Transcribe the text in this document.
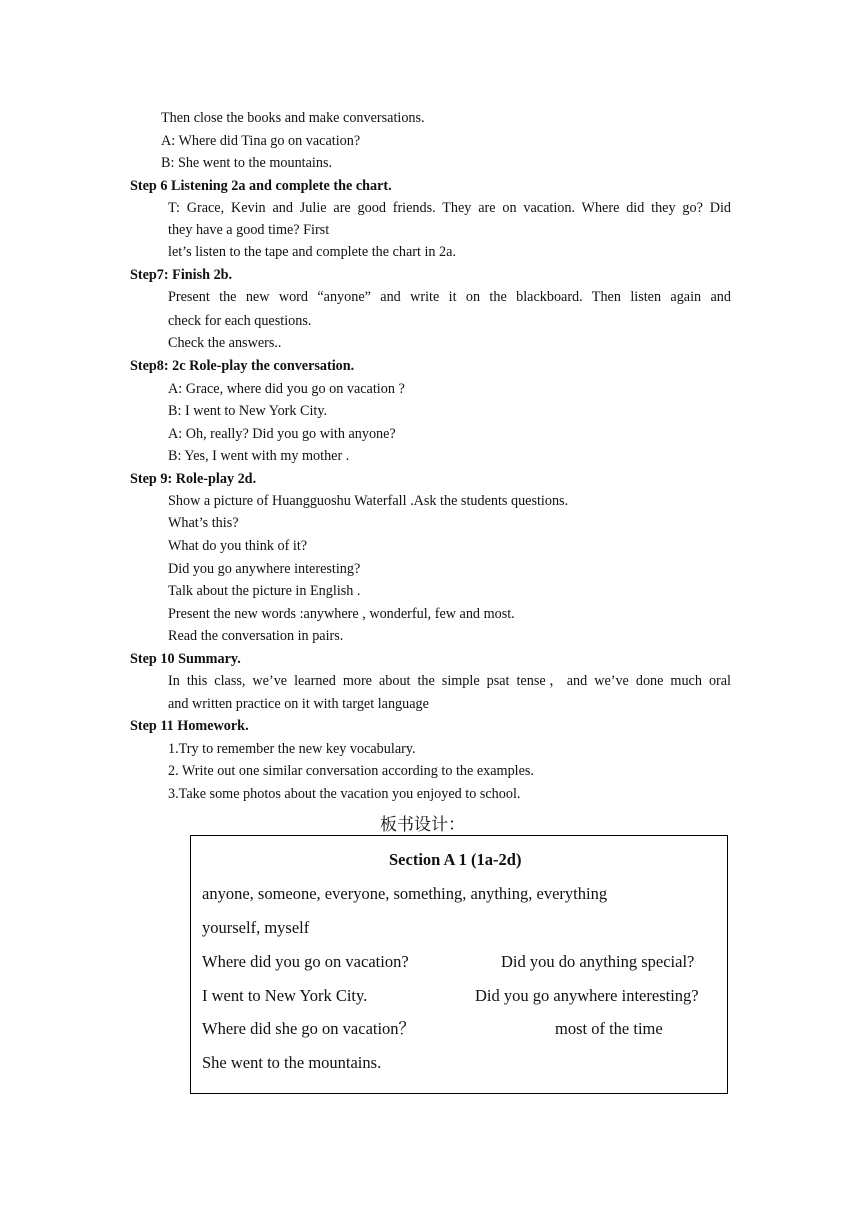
Then close the books and make conversations.
A: Where did Tina go on vacation?
B: She went to the mountains.
Step 6 Listening 2a and complete the chart.
T: Grace, Kevin and Julie are good friends. They are on vacation. Where did they go? Did
they have a good time? First
let’s listen to the tape and complete the chart in 2a.
Step7: Finish 2b.
Present the new word “anyone” and write it on the blackboard. Then listen again and
check for each questions.
Check the answers..
Step8: 2c Role-play the conversation.
A: Grace, where did you go on vacation ?
B: I went to New York City.
A: Oh, really? Did you go with anyone?
B: Yes, I went with my mother .
Step 9: Role-play 2d.
Show a picture of Huangguoshu Waterfall .Ask the students questions.
What’s this?
What do you think of it?
Did you go anywhere interesting?
Talk about the picture in English .
Present the new words :anywhere , wonderful, few and most.
Read the conversation in pairs.
Step 10 Summary.
In this class, we’ve learned more about the simple psat tense，and we’ve done much oral
and written practice on it with target language
Step 11 Homework.
1.Try to remember the new key vocabulary.
2. Write out one similar conversation according to the examples.
3.Take some photos about the vacation you enjoyed to school.
板书设计：
Section A 1 (1a-2d)
anyone, someone, everyone, something, anything, everything
yourself, myself
Where did you go on vacation?	Did you do anything special?
I went to New York City.	Did you go anywhere interesting?
Where did she go on vacation？	most of the time
She went to the mountains.
